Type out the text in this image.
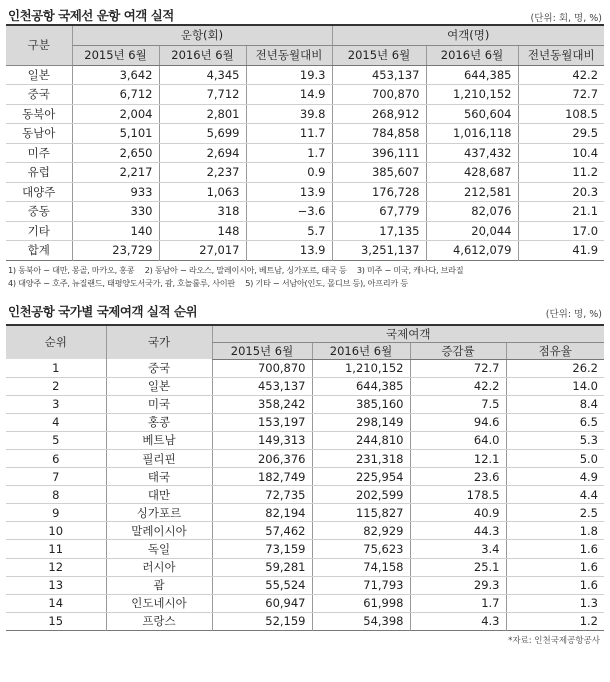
인천공항 국제선 운항 여객 실적	(단위: 회, 명, %)
구분	운항(회)			여객(명)		
	2015년 6월	2016년 6월	전년동월대비	2015년 6월	2016년 6월	전년동월대비
일본	3,642	4,345	19.3	453,137	644,385	42.2
중국	6,712	7,712	14.9	700,870	1,210,152	72.7
동북아	2,004	2,801	39.8	268,912	560,604	108.5
동남아	5,101	5,699	11.7	784,858	1,016,118	29.5
미주	2,650	2,694	1.7	396,111	437,432	10.4
유럽	2,217	2,237	0.9	385,607	428,687	11.2
대양주	933	1,063	13.9	176,728	212,581	20.3
중동	330	318	−3.6	67,779	82,076	21.1
기타	140	148	5.7	17,135	20,044	17.0
합계	23,729	27,017	13.9	3,251,137	4,612,079	41.9
1) 동북아 − 대만, 몽골, 마카오, 홍콩 2) 동남아 − 라오스, 말레이시아, 베트남, 싱가포르, 태국 등 3) 미주 − 미국, 캐나다, 브라질
4) 대양주 − 호주, 뉴질랜드, 태평양도서국가, 괌, 호놀룰루, 사이판 5) 기타 − 서남아(인도, 몰디브 등), 아프리카 등
인천공항 국가별 국제여객 실적 순위	(단위: 명, %)
순위	국가	국제여객			
		2015년 6월	2016년 6월	증감률	점유율
1	중국	700,870	1,210,152	72.7	26.2
2	일본	453,137	644,385	42.2	14.0
3	미국	358,242	385,160	7.5	8.4
4	홍콩	153,197	298,149	94.6	6.5
5	베트남	149,313	244,810	64.0	5.3
6	필리핀	206,376	231,318	12.1	5.0
7	태국	182,749	225,954	23.6	4.9
8	대만	72,735	202,599	178.5	4.4
9	싱가포르	82,194	115,827	40.9	2.5
10	말레이시아	57,462	82,929	44.3	1.8
11	독일	73,159	75,623	3.4	1.6
12	러시아	59,281	74,158	25.1	1.6
13	괌	55,524	71,793	29.3	1.6
14	인도네시아	60,947	61,998	1.7	1.3
15	프랑스	52,159	54,398	4.3	1.2
*자료: 인천국제공항공사
